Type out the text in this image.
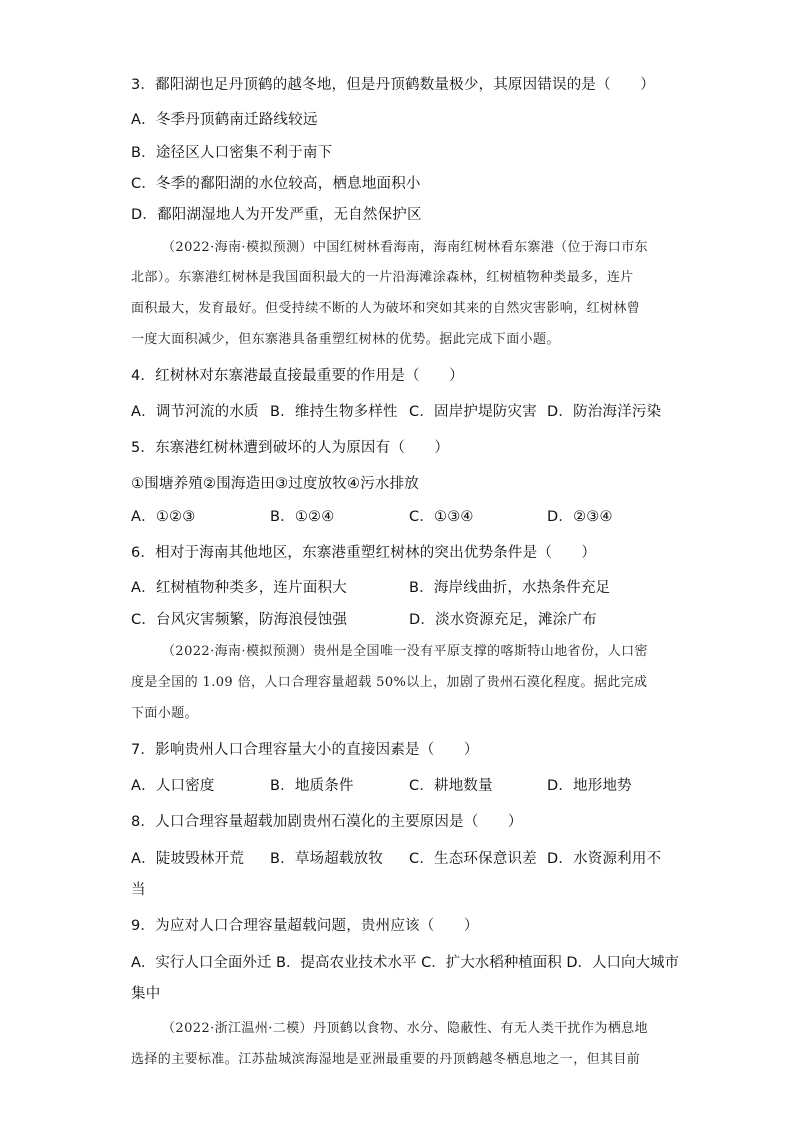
3．鄱阳湖也足丹顶鹤的越冬地，但是丹顶鹤数量极少，其原因错误的是（　　）
A．冬季丹顶鹤南迁路线较远
B．途径区人口密集不利于南下
C．冬季的鄱阳湖的水位较高，栖息地面积小
D．鄱阳湖湿地人为开发严重，无自然保护区
（2022·海南·模拟预测）中国红树林看海南，海南红树林看东寨港（位于海口市东
北部）。东寨港红树林是我国面积最大的一片沿海滩涂森林，红树植物种类最多，连片
面积最大，发育最好。但受持续不断的人为破坏和突如其来的自然灾害影响，红树林曾
一度大面积减少，但东寨港具备重塑红树林的优势。据此完成下面小题。
4．红树林对东寨港最直接最重要的作用是（　　）
A．调节河流的水质 B．维持生物多样性 C．固岸护堤防灾害 D．防治海洋污染
5．东寨港红树林遭到破坏的人为原因有（　　）
①围塘养殖②围海造田③过度放牧④污水排放
A．①②③	B．①②④	C．①③④	D．②③④
6．相对于海南其他地区，东寨港重塑红树林的突出优势条件是（　　）
A．红树植物种类多，连片面积大	B．海岸线曲折，水热条件充足
C．台风灾害频繁，防海浪侵蚀强	D．淡水资源充足，滩涂广布
（2022·海南·模拟预测）贵州是全国唯一没有平原支撑的喀斯特山地省份，人口密
度是全国的 1.09 倍，人口合理容量超载 50%以上，加剧了贵州石漠化程度。据此完成
下面小题。
7．影响贵州人口合理容量大小的直接因素是（　　）
A．人口密度	B．地质条件	C．耕地数量	D．地形地势
8．人口合理容量超载加剧贵州石漠化的主要原因是（　　）
A．陡坡毁林开荒 B．草场超载放牧 C．生态环保意识差 D．水资源利用不
当
9．为应对人口合理容量超载问题，贵州应该（　　）
A．实行人口全面外迁 B．提高农业技术水平 C．扩大水稻种植面积 D．人口向大城市
集中
（2022·浙江温州·二模）丹顶鹤以食物、水分、隐蔽性、有无人类干扰作为栖息地
选择的主要标准。江苏盐城滨海湿地是亚洲最重要的丹顶鹤越冬栖息地之一，但其目前
